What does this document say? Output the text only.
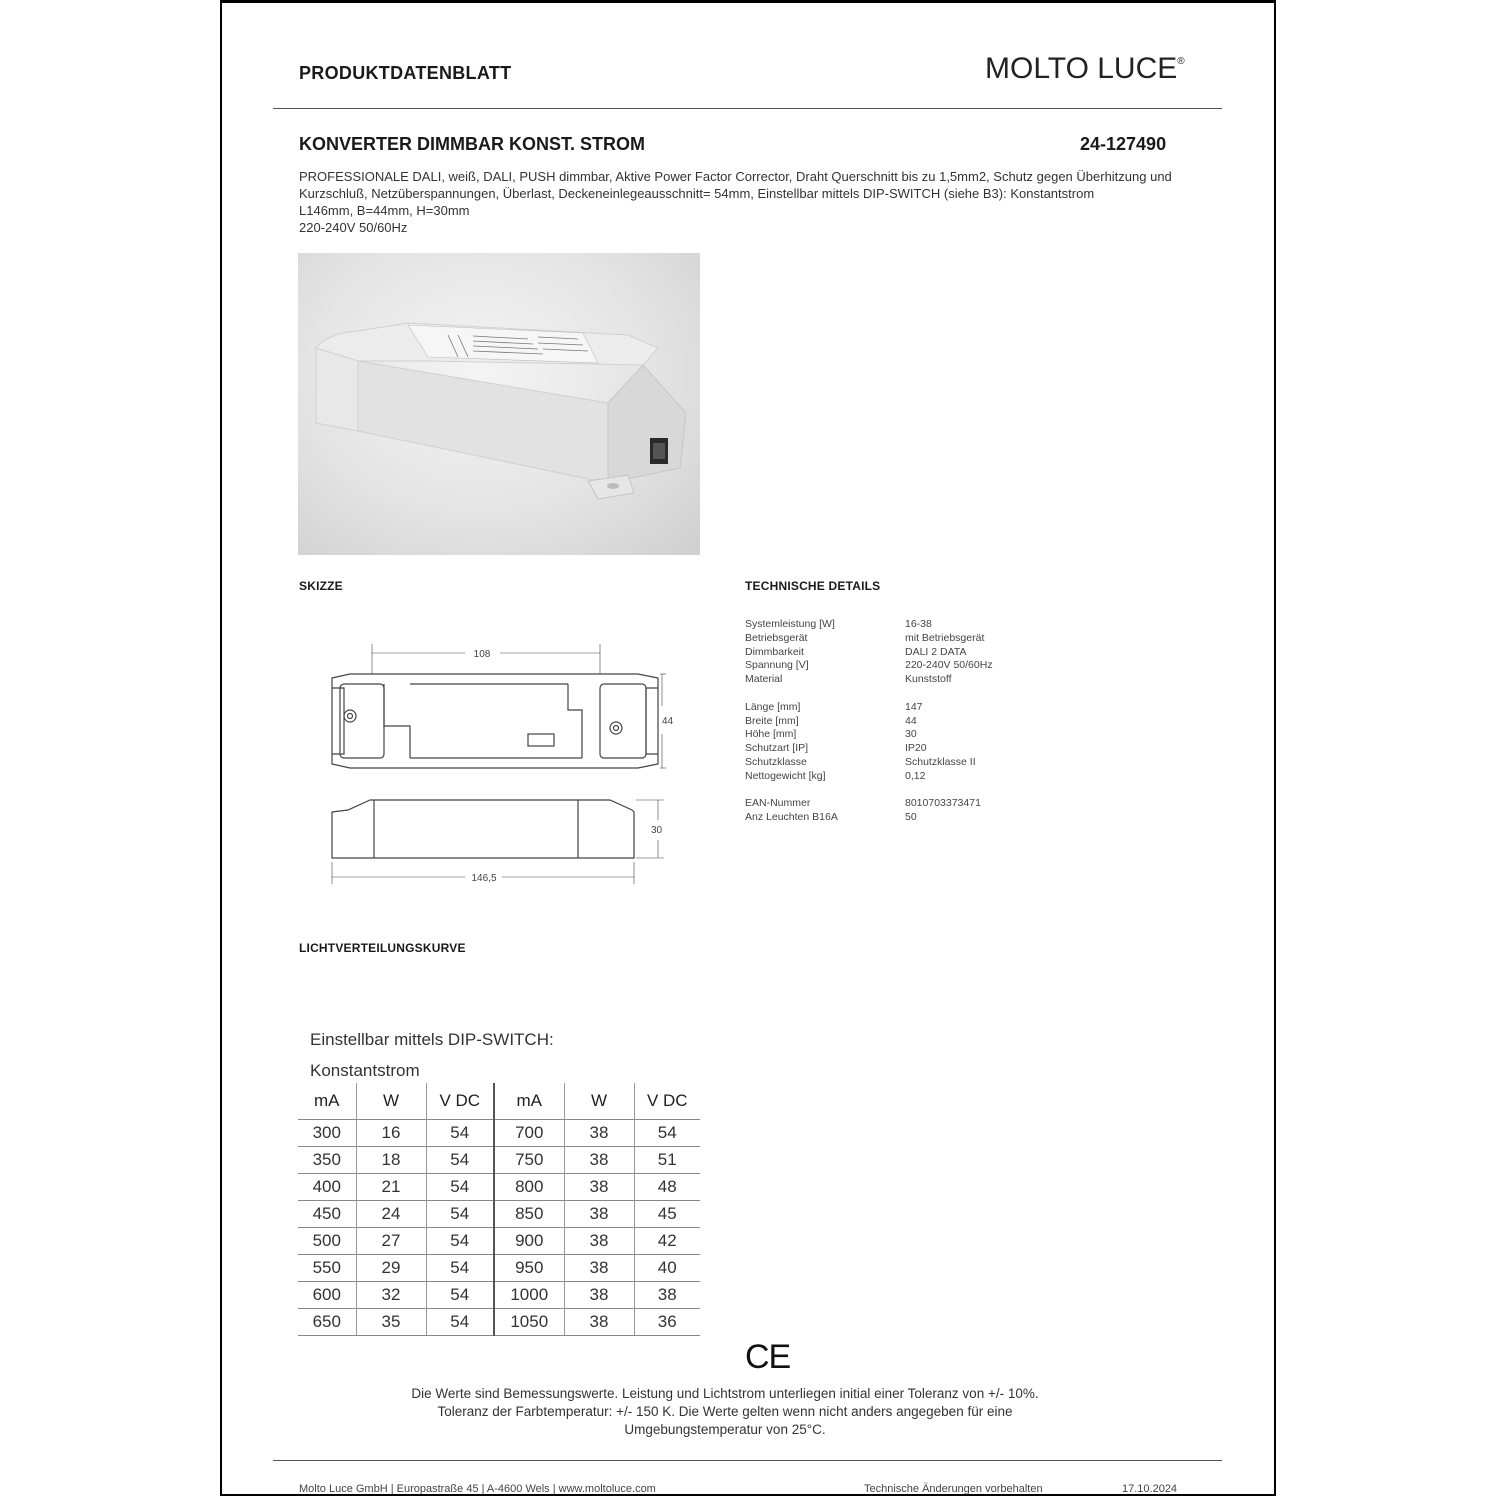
PRODUKTDATENBLATT	MOLTO LUCE®
KONVERTER DIMMBAR KONST. STROM	24-127490
PROFESSIONALE DALI, weiß, DALI, PUSH dimmbar, Aktive Power Factor Corrector, Draht Querschnitt bis zu 1,5mm2, Schutz gegen Überhitzung und
Kurzschluß, Netzüberspannungen, Überlast, Deckeneinlegeausschnitt= 54mm, Einstellbar mittels DIP-SWITCH (siehe B3): Konstantstrom
L146mm, B=44mm, H=30mm
220-240V 50/60Hz
SKIZZE	TECHNISCHE DETAILS
LICHTVERTEILUNGSKURVE
108
44
30
146,5
Systemleistung [W]	16-38
Betriebsgerät	mit Betriebsgerät
Dimmbarkeit	DALI 2 DATA
Spannung [V]	220-240V 50/60Hz
Material	Kunststoff
Länge [mm]	147
Breite [mm]	44
Höhe [mm]	30
Schutzart [IP]	IP20
Schutzklasse	Schutzklasse II
Nettogewicht [kg]	0,12
EAN-Nummer	8010703373471
Anz Leuchten B16A	50
Einstellbar mittels DIP-SWITCH:
Konstantstrom
mA	W	V DC	mA	W	V DC
300	16	54	700	38	54
350	18	54	750	38	51
400	21	54	800	38	48
450	24	54	850	38	45
500	27	54	900	38	42
550	29	54	950	38	40
600	32	54	1000	38	38
650	35	54	1050	38	36
CE
Die Werte sind Bemessungswerte. Leistung und Lichtstrom unterliegen initial einer Toleranz von +/- 10%.
Toleranz der Farbtemperatur: +/- 150 K. Die Werte gelten wenn nicht anders angegeben für eine
Umgebungstemperatur von 25°C.
Molto Luce GmbH | Europastraße 45 | A-4600 Wels | www.moltoluce.com	Technische Änderungen vorbehalten	17.10.2024
